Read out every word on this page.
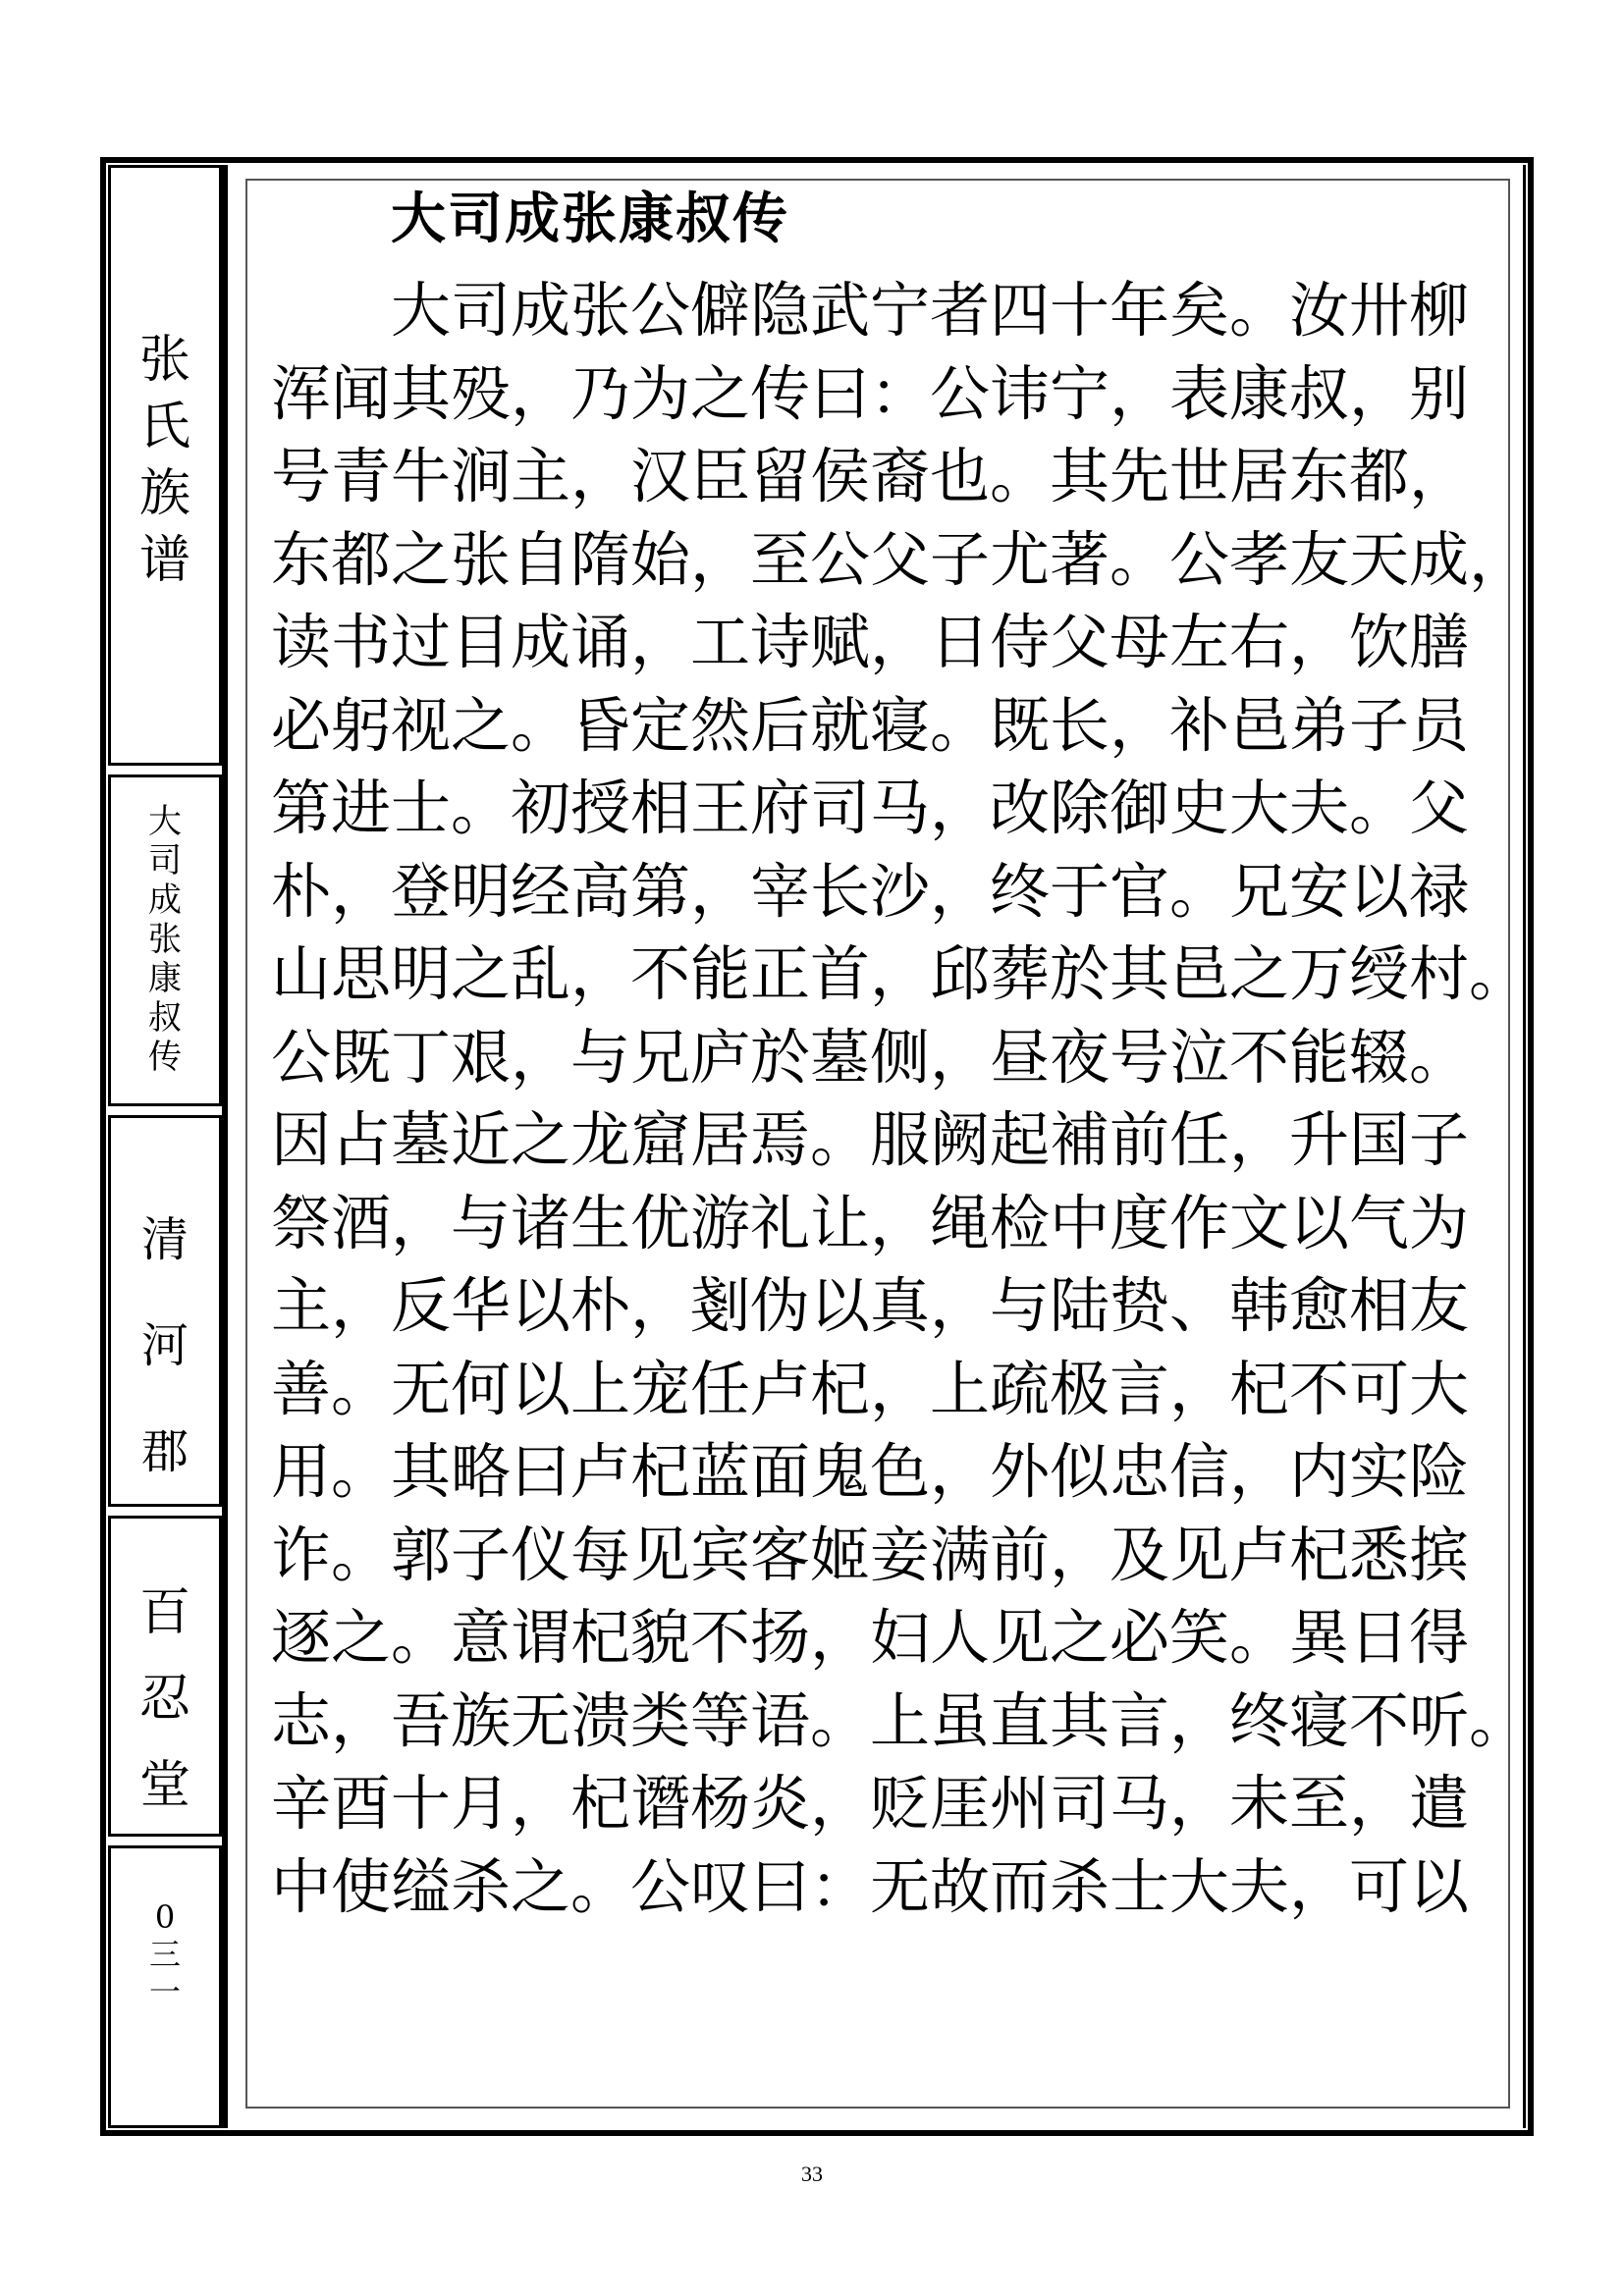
张
氏
族
谱
大
司
成
张
康
叔
传
清
河
郡
百
忍
堂
0
三
一
大司成张康叔传
　　大司成张公僻隐武宁者四十年矣。汝卅柳
浑闻其殁，乃为之传曰：公讳宁，表康叔，别
号青牛涧主，汉臣留侯裔也。其先世居东都，
东都之张自隋始，至公父子尤著。公孝友天成，
读书过目成诵，工诗赋，日侍父母左右，饮膳
必躬视之。昏定然后就寝。既长，补邑弟子员
第进士。初授相王府司马，改除御史大夫。父
朴，登明经高第，宰长沙，终于官。兄安以禄
山思明之乱，不能正首，邱葬於其邑之万绶村。
公既丁艰，与兄庐於墓侧，昼夜号泣不能辍。
因占墓近之龙窟居焉。服阙起補前任，升国子
祭酒，与诸生优游礼让，绳检中度作文以气为
主，反华以朴，剗伪以真，与陆贽、韩愈相友
善。无何以上宠任卢杞，上疏极言，杞不可大
用。其略曰卢杞蓝面鬼色，外似忠信，内实险
诈。郭子仪每见宾客姬妾满前，及见卢杞悉摈
逐之。意谓杞貌不扬，妇人见之必笑。異日得
志，吾族无溃类等语。上虽直其言，终寝不听。
辛酉十月，杞谮杨炎，贬厓州司马，未至，遣
中使缢杀之。公叹曰：无故而杀士大夫，可以
33
